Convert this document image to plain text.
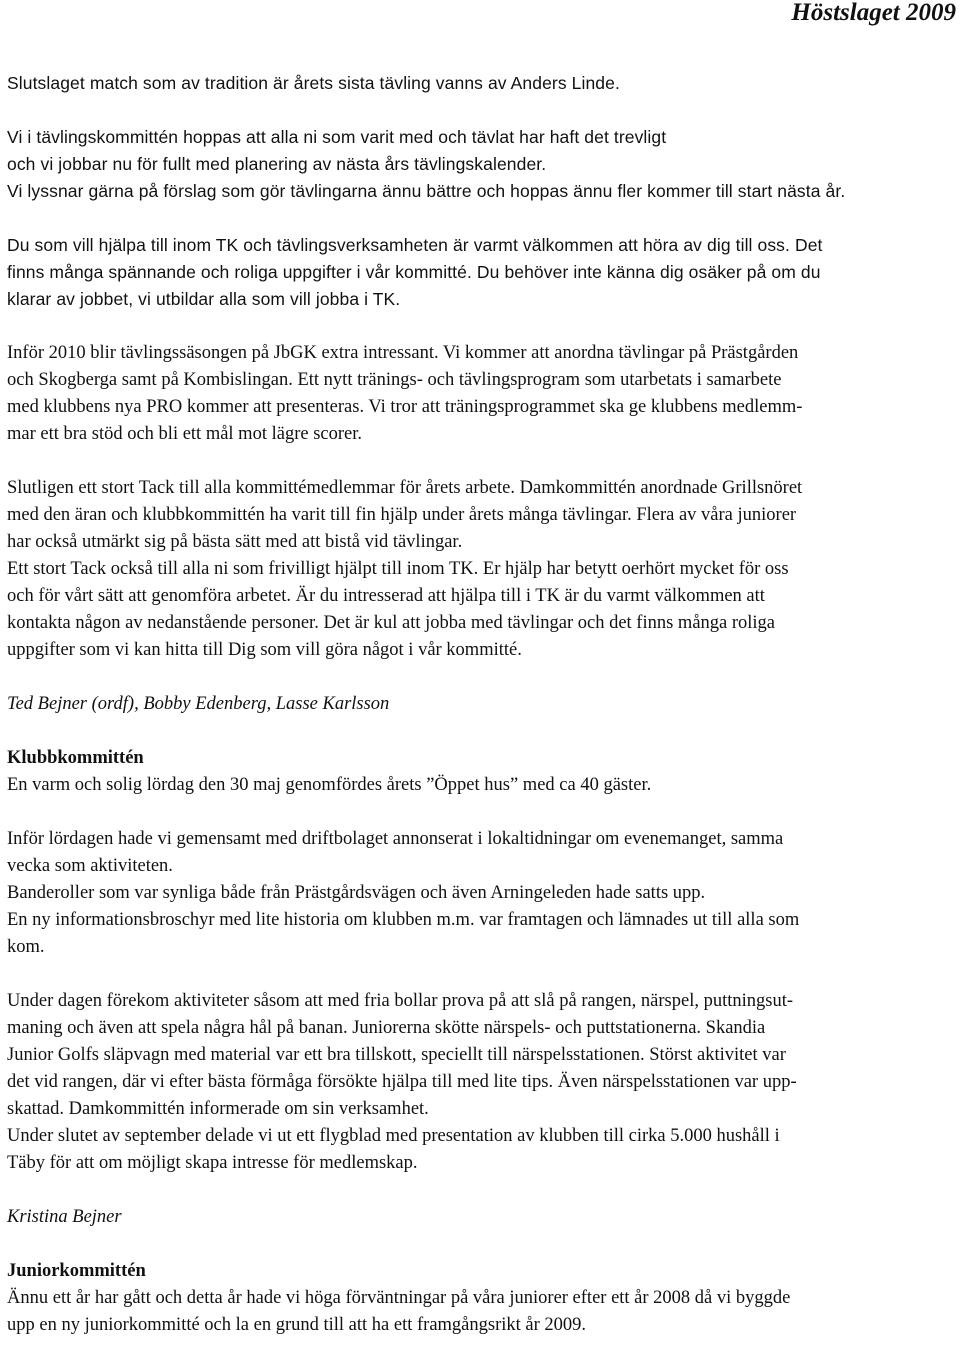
Höstslaget 2009
Slutslaget match som av tradition är årets sista tävling vanns av Anders Linde.
Vi i tävlingskommittén hoppas att alla ni som varit med och tävlat har haft det trevligt
och vi jobbar nu för fullt med planering av nästa års tävlingskalender.
Vi lyssnar gärna på förslag som gör tävlingarna ännu bättre och hoppas ännu fler kommer till start nästa år.
Du som vill hjälpa till inom TK och tävlingsverksamheten är varmt välkommen att höra av dig till oss. Det
finns många spännande och roliga uppgifter i vår kommitté. Du behöver inte känna dig osäker på om du
klarar av jobbet, vi utbildar alla som vill jobba i TK.
Inför 2010 blir tävlingssäsongen på JbGK extra intressant. Vi kommer att anordna tävlingar på Prästgården
och Skogberga samt på Kombislingan. Ett nytt tränings- och tävlingsprogram som utarbetats i samarbete
med klubbens nya PRO kommer att presenteras. Vi tror att träningsprogrammet ska ge klubbens medlemm-
mar ett bra stöd och bli ett mål mot lägre scorer.
Slutligen ett stort Tack till alla kommittémedlemmar för årets arbete. Damkommittén anordnade Grillsnöret
med den äran och klubbkommittén ha varit till fin hjälp under årets många tävlingar. Flera av våra juniorer
har också utmärkt sig på bästa sätt med att bistå vid tävlingar.
Ett stort Tack också till alla ni som frivilligt hjälpt till inom TK. Er hjälp har betytt oerhört mycket för oss
och för vårt sätt att genomföra arbetet. Är du intresserad att hjälpa till i TK är du varmt välkommen att
kontakta någon av nedanstående personer. Det är kul att jobba med tävlingar och det finns många roliga
uppgifter som vi kan hitta till Dig som vill göra något i vår kommitté.
Ted Bejner (ordf), Bobby Edenberg, Lasse Karlsson
Klubbkommittén
En varm och solig lördag den 30 maj genomfördes årets ”Öppet hus” med ca 40 gäster.
Inför lördagen hade vi gemensamt med driftbolaget annonserat i lokaltidningar om evenemanget, samma
vecka som aktiviteten.
Banderoller som var synliga både från Prästgårdsvägen och även Arningeleden hade satts upp.
En ny informationsbroschyr med lite historia om klubben m.m. var framtagen och lämnades ut till alla som
kom.
Under dagen förekom aktiviteter såsom att med fria bollar prova på att slå på rangen, närspel, puttningsut-
maning och även att spela några hål på banan. Juniorerna skötte närspels- och puttstationerna. Skandia
Junior Golfs släpvagn med material var ett bra tillskott, speciellt till närspelsstationen. Störst aktivitet var
det vid rangen, där vi efter bästa förmåga försökte hjälpa till med lite tips. Även närspelsstationen var upp-
skattad. Damkommittén informerade om sin verksamhet.
Under slutet av september delade vi ut ett flygblad med presentation av klubben till cirka 5.000 hushåll i
Täby för att om möjligt skapa intresse för medlemskap.
Kristina Bejner
Juniorkommittén
Ännu ett år har gått och detta år hade vi höga förväntningar på våra juniorer efter ett år 2008 då vi byggde
upp en ny juniorkommitté och la en grund till att ha ett framgångsrikt år 2009.
